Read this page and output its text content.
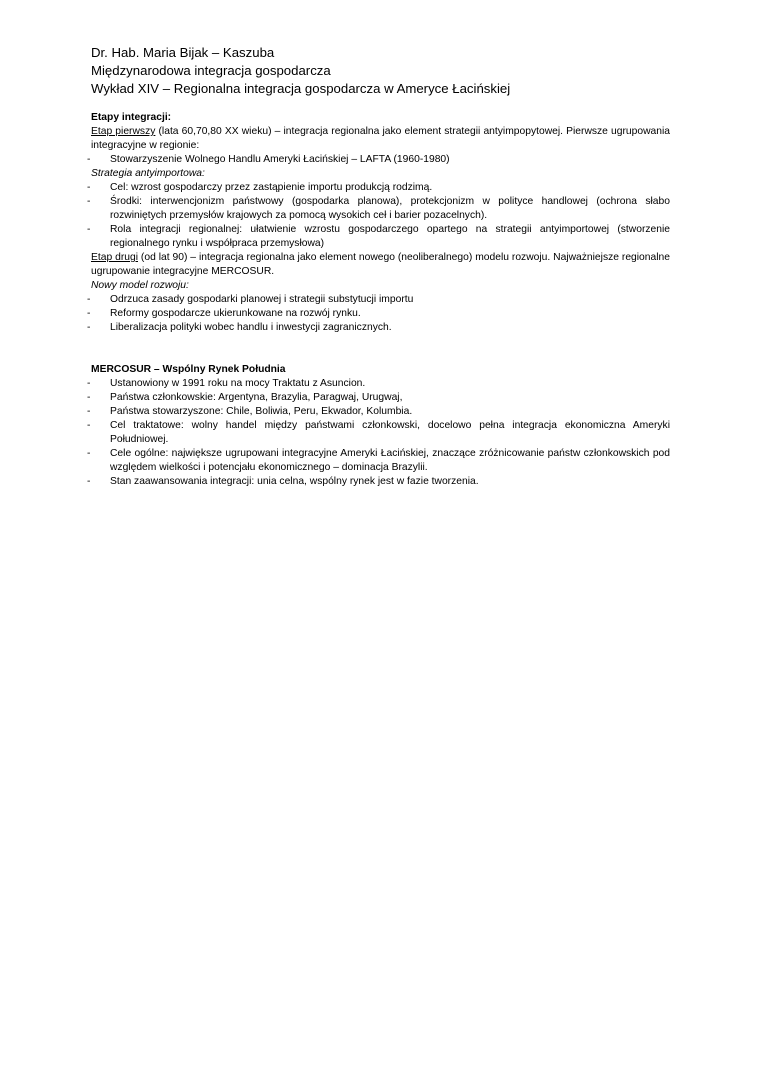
Dr. Hab. Maria Bijak – Kaszuba
Międzynarodowa integracja gospodarcza
Wykład XIV – Regionalna integracja gospodarcza w Ameryce Łacińskiej

Etapy integracji:

Etap pierwszy (lata 60,70,80 XX wieku) – integracja regionalna jako element strategii antyimpopytowej. Pierwsze ugrupowania integracyjne w regionie:

- Stowarzyszenie Wolnego Handlu Ameryki Łacińskiej – LAFTA (1960-1980)

Strategia antyimportowa:

- Cel: wzrost gospodarczy przez zastąpienie importu produkcją rodzimą.
- Środki: interwencjonizm państwowy (gospodarka planowa), protekcjonizm w polityce handlowej (ochrona słabo rozwiniętych przemysłów krajowych za pomocą wysokich ceł i barier pozacelnych).
- Rola integracji regionalnej: ułatwienie wzrostu gospodarczego opartego na strategii antyimportowej (stworzenie regionalnego rynku i współpraca przemysłowa)

Etap drugi (od lat 90) – integracja regionalna jako element nowego (neoliberalnego) modelu rozwoju. Najważniejsze regionalne ugrupowanie integracyjne MERCOSUR.

Nowy model rozwoju:

- Odrzuca zasady gospodarki planowej i strategii substytucji importu
- Reformy gospodarcze ukierunkowane na rozwój rynku.
- Liberalizacja polityki wobec handlu i inwestycji zagranicznych.

MERCOSUR – Wspólny Rynek Południa

- Ustanowiony w 1991 roku na mocy Traktatu z Asuncion.
- Państwa członkowskie: Argentyna, Brazylia, Paragwaj, Urugwaj,
- Państwa stowarzyszone: Chile, Boliwia, Peru, Ekwador, Kolumbia.
- Cel traktatowe: wolny handel między państwami członkowski, docelowo pełna integracja ekonomiczna Ameryki Południowej.
- Cele ogólne: największe ugrupowani integracyjne Ameryki Łacińskiej, znaczące zróżnicowanie państw członkowskich pod względem wielkości i potencjału ekonomicznego – dominacja Brazylii.
- Stan zaawansowania integracji: unia celna, wspólny rynek jest w fazie tworzenia.
